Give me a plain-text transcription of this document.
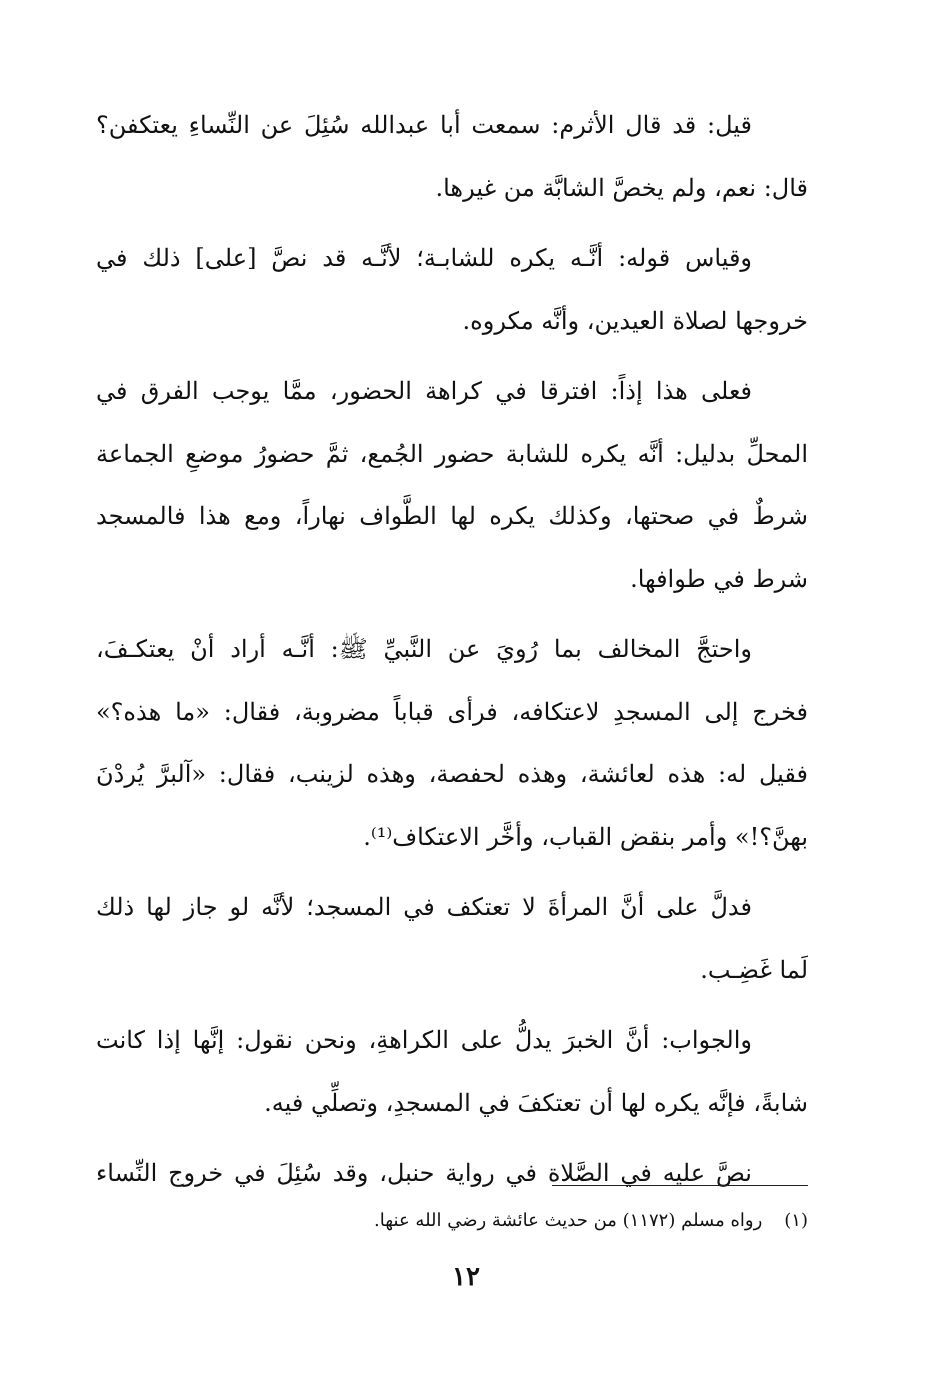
قيل: قد قال الأثرم: سمعت أبا عبدالله سُئِلَ عن النِّساءِ يعتكفن؟
قال: نعم، ولم يخصَّ الشابَّة من غيرها.
وقياس قوله: أنَّـه يكره للشابـة؛ لأنَّـه قد نصَّ [على] ذلك في
خروجها لصلاة العيدين، وأنَّه مكروه.
فعلى هذا إذاً: افترقا في كراهة الحضور، ممَّا يوجب الفرق في
المحلِّ بدليل: أنَّه يكره للشابة حضور الجُمع، ثمَّ حضورُ موضعِ الجماعة
شرطٌ في صحتها، وكذلك يكره لها الطَّواف نهاراً، ومع هذا فالمسجد
شرط في طوافها.
واحتجَّ المخالف بما رُويَ عن النَّبيِّ ﷺ: أنَّـه أراد أنْ يعتكـفَ،
فخرج إلى المسجدِ لاعتكافه، فرأى قباباً مضروبة، فقال: «ما هذه؟»
فقيل له: هذه لعائشة، وهذه لحفصة، وهذه لزينب، فقال: «آلبرَّ يُردْنَ
بهنَّ؟!» وأمر بنقض القباب، وأخَّر الاعتكاف⁽¹⁾.
فدلَّ على أنَّ المرأةَ لا تعتكف في المسجد؛ لأنَّه لو جاز لها ذلك
لَما غَضِـب.
والجواب: أنَّ الخبرَ يدلُّ على الكراهةِ، ونحن نقول: إنَّها إذا كانت
شابةً، فإنَّه يكره لها أن تعتكفَ في المسجدِ، وتصلِّي فيه.
نصَّ عليه في الصَّلاة في رواية حنبل، وقد سُئِلَ في خروج النِّساء
(١)رواه مسلم (١١٧٢) من حديث عائشة رضي الله عنها.
١٢
